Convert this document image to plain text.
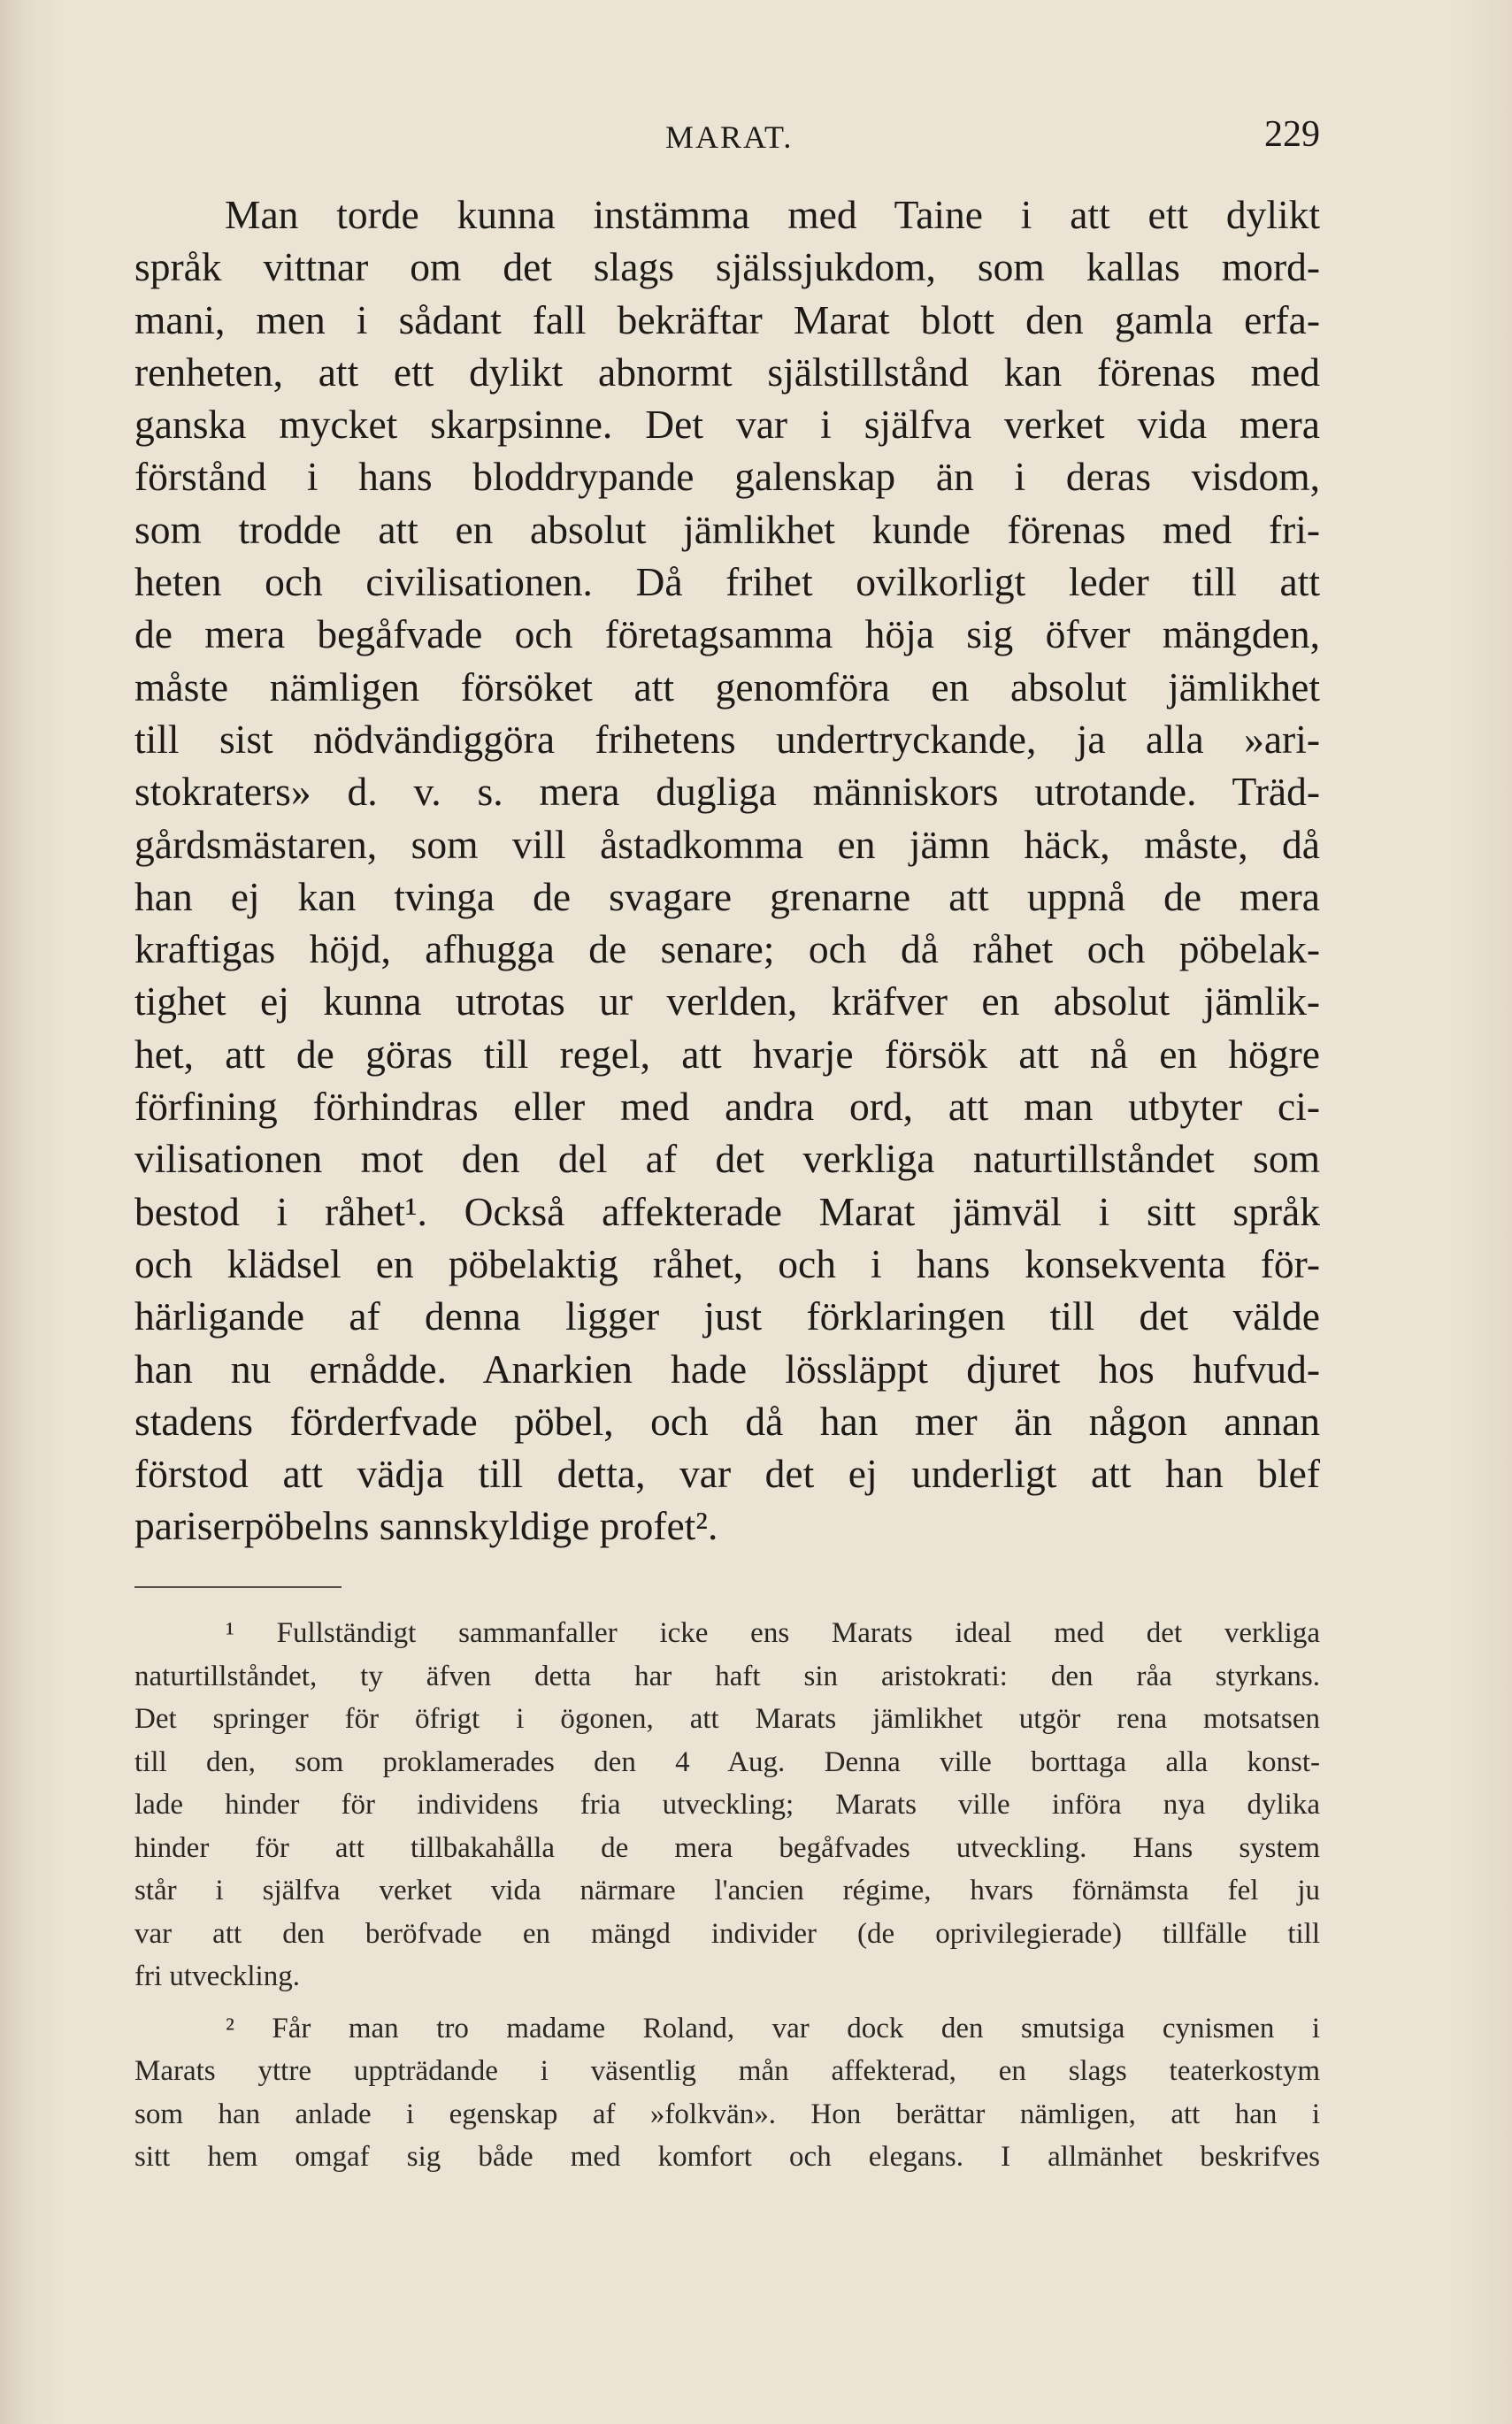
MARAT.	229
Man torde kunna instämma med Taine i att ett dylikt
språk vittnar om det slags själssjukdom, som kallas mord-
mani, men i sådant fall bekräftar Marat blott den gamla erfa-
renheten, att ett dylikt abnormt själstillstånd kan förenas med
ganska mycket skarpsinne. Det var i själfva verket vida mera
förstånd i hans bloddrypande galenskap än i deras visdom,
som trodde att en absolut jämlikhet kunde förenas med fri-
heten och civilisationen. Då frihet ovilkorligt leder till att
de mera begåfvade och företagsamma höja sig öfver mängden,
måste nämligen försöket att genomföra en absolut jämlikhet
till sist nödvändiggöra frihetens undertryckande, ja alla »ari-
stokraters» d. v. s. mera dugliga människors utrotande. Träd-
gårdsmästaren, som vill åstadkomma en jämn häck, måste, då
han ej kan tvinga de svagare grenarne att uppnå de mera
kraftigas höjd, afhugga de senare; och då råhet och pöbelak-
tighet ej kunna utrotas ur verlden, kräfver en absolut jämlik-
het, att de göras till regel, att hvarje försök att nå en högre
förfining förhindras eller med andra ord, att man utbyter ci-
vilisationen mot den del af det verkliga naturtillståndet som
bestod i råhet¹. Också affekterade Marat jämväl i sitt språk
och klädsel en pöbelaktig råhet, och i hans konsekventa för-
härligande af denna ligger just förklaringen till det välde
han nu ernådde. Anarkien hade lössläppt djuret hos hufvud-
stadens förderfvade pöbel, och då han mer än någon annan
förstod att vädja till detta, var det ej underligt att han blef
pariserpöbelns sannskyldige profet².
¹ Fullständigt sammanfaller icke ens Marats ideal med det verkliga
naturtillståndet, ty äfven detta har haft sin aristokrati: den råa styrkans.
Det springer för öfrigt i ögonen, att Marats jämlikhet utgör rena motsatsen
till den, som proklamerades den 4 Aug. Denna ville borttaga alla konst-
lade hinder för individens fria utveckling; Marats ville införa nya dylika
hinder för att tillbakahålla de mera begåfvades utveckling. Hans system
står i själfva verket vida närmare l'ancien régime, hvars förnämsta fel ju
var att den beröfvade en mängd individer (de oprivilegierade) tillfälle till
fri utveckling.
² Får man tro madame Roland, var dock den smutsiga cynismen i
Marats yttre uppträdande i väsentlig mån affekterad, en slags teaterkostym
som han anlade i egenskap af »folkvän». Hon berättar nämligen, att han i
sitt hem omgaf sig både med komfort och elegans. I allmänhet beskrifves
